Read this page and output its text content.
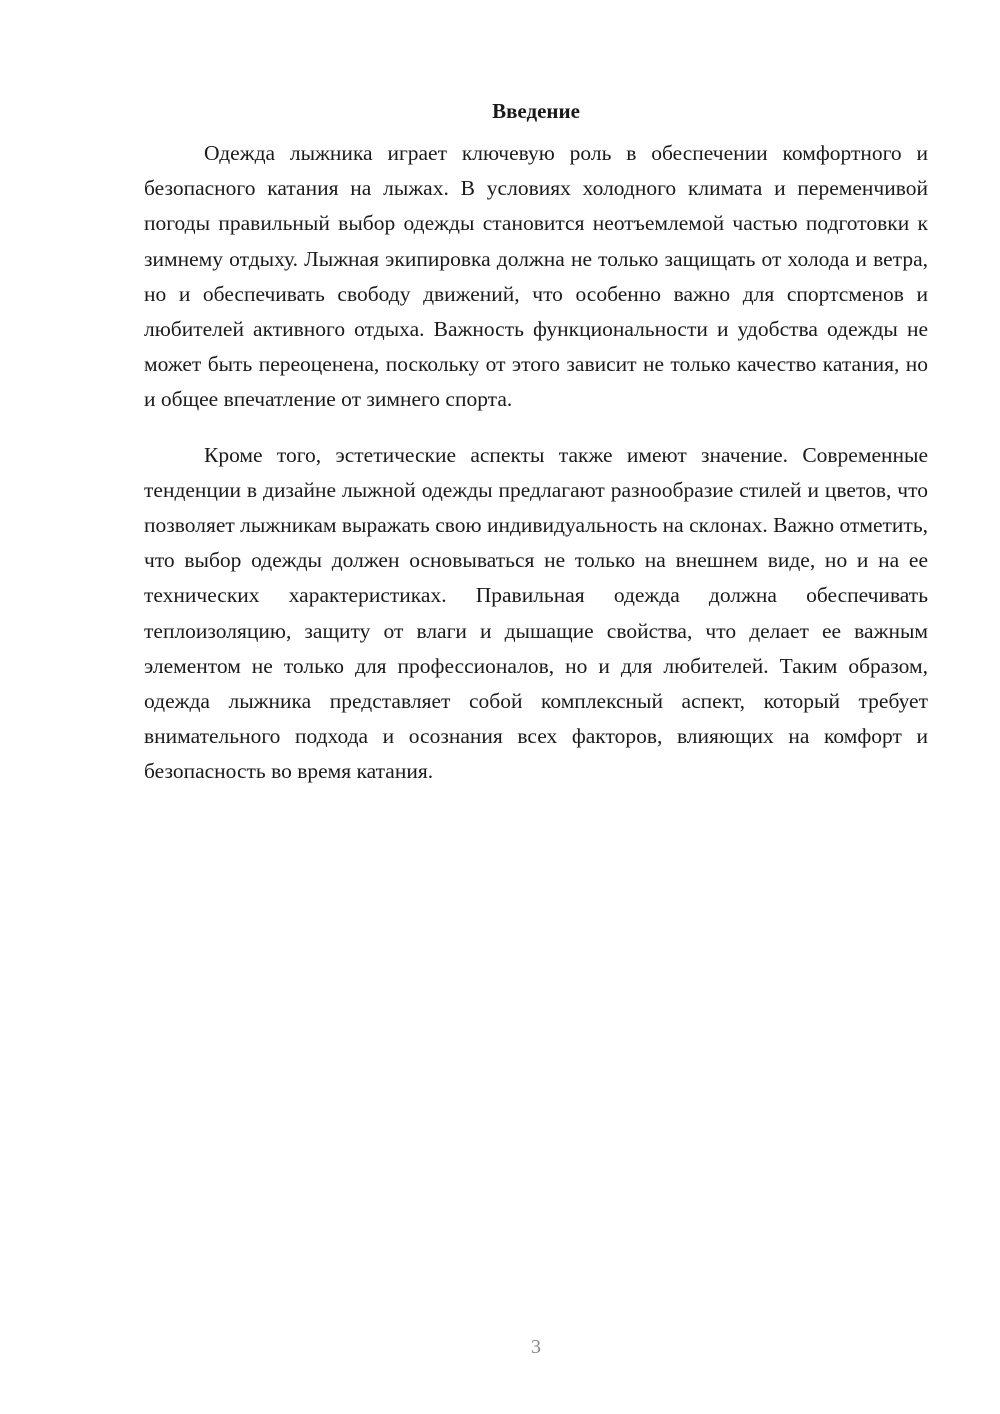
Введение

Одежда лыжника играет ключевую роль в обеспечении комфортного и безопасного катания на лыжах. В условиях холодного климата и переменчивой погоды правильный выбор одежды становится неотъемлемой частью подготовки к зимнему отдыху. Лыжная экипировка должна не только защищать от холода и ветра, но и обеспечивать свободу движений, что особенно важно для спортсменов и любителей активного отдыха. Важность функциональности и удобства одежды не может быть переоценена, поскольку от этого зависит не только качество катания, но и общее впечатление от зимнего спорта.

Кроме того, эстетические аспекты также имеют значение. Современные тенденции в дизайне лыжной одежды предлагают разнообразие стилей и цветов, что позволяет лыжникам выражать свою индивидуальность на склонах. Важно отметить, что выбор одежды должен основываться не только на внешнем виде, но и на ее технических характеристиках. Правильная одежда должна обеспечивать теплоизоляцию, защиту от влаги и дышащие свойства, что делает ее важным элементом не только для профессионалов, но и для любителей. Таким образом, одежда лыжника представляет собой комплексный аспект, который требует внимательного подхода и осознания всех факторов, влияющих на комфорт и безопасность во время катания.

3
